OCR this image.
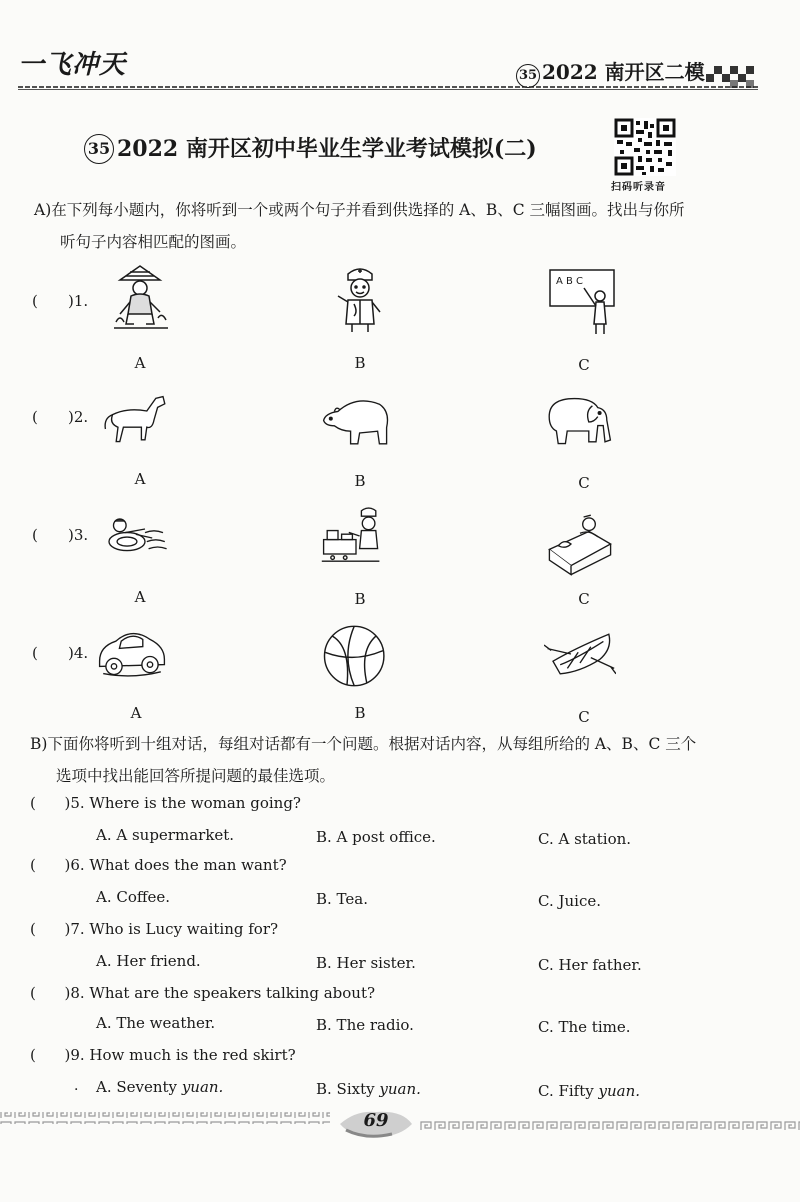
一飞冲天	35 2022 南开区二模
35 2022 南开区初中毕业生学业考试模拟(二)
扫码听录音
A)在下列每小题内，你将听到一个或两个句子并看到供选择的 A、B、C 三幅图画。找出与你所
听句子内容相匹配的图画。
( )1.
A	B
A B C
C
( )2.
A	B	C
( )3.
A	B	C
( )4.
A	B	C
B)下面你将听到十组对话，每组对话都有一个问题。根据对话内容，从每组所给的 A、B、C 三个
选项中找出能回答所提问题的最佳选项。
( )5. Where is the woman going?
A. A supermarket.	B. A post office.	C. A station.
( )6. What does the man want?
A. Coffee.	B. Tea.	C. Juice.
( )7. Who is Lucy waiting for?
A. Her friend.	B. Her sister.	C. Her father.
( )8. What are the speakers talking about?
A. The weather.	B. The radio.	C. The time.
( )9. How much is the red skirt?
· A. Seventy yuan.	B. Sixty yuan.	C. Fifty yuan.
69
